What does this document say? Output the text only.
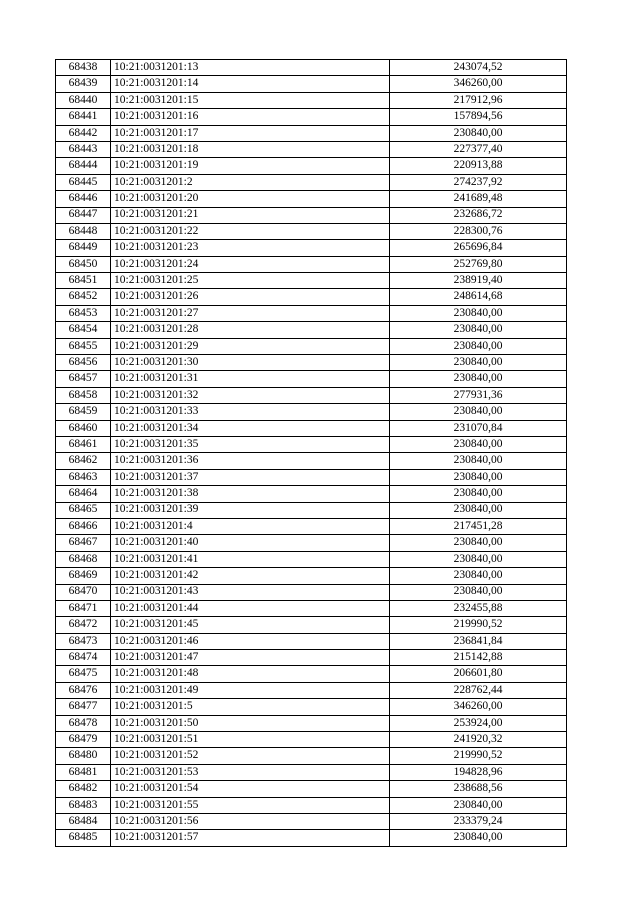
68438	10:21:0031201:13	243074,52
68439	10:21:0031201:14	346260,00
68440	10:21:0031201:15	217912,96
68441	10:21:0031201:16	157894,56
68442	10:21:0031201:17	230840,00
68443	10:21:0031201:18	227377,40
68444	10:21:0031201:19	220913,88
68445	10:21:0031201:2	274237,92
68446	10:21:0031201:20	241689,48
68447	10:21:0031201:21	232686,72
68448	10:21:0031201:22	228300,76
68449	10:21:0031201:23	265696,84
68450	10:21:0031201:24	252769,80
68451	10:21:0031201:25	238919,40
68452	10:21:0031201:26	248614,68
68453	10:21:0031201:27	230840,00
68454	10:21:0031201:28	230840,00
68455	10:21:0031201:29	230840,00
68456	10:21:0031201:30	230840,00
68457	10:21:0031201:31	230840,00
68458	10:21:0031201:32	277931,36
68459	10:21:0031201:33	230840,00
68460	10:21:0031201:34	231070,84
68461	10:21:0031201:35	230840,00
68462	10:21:0031201:36	230840,00
68463	10:21:0031201:37	230840,00
68464	10:21:0031201:38	230840,00
68465	10:21:0031201:39	230840,00
68466	10:21:0031201:4	217451,28
68467	10:21:0031201:40	230840,00
68468	10:21:0031201:41	230840,00
68469	10:21:0031201:42	230840,00
68470	10:21:0031201:43	230840,00
68471	10:21:0031201:44	232455,88
68472	10:21:0031201:45	219990,52
68473	10:21:0031201:46	236841,84
68474	10:21:0031201:47	215142,88
68475	10:21:0031201:48	206601,80
68476	10:21:0031201:49	228762,44
68477	10:21:0031201:5	346260,00
68478	10:21:0031201:50	253924,00
68479	10:21:0031201:51	241920,32
68480	10:21:0031201:52	219990,52
68481	10:21:0031201:53	194828,96
68482	10:21:0031201:54	238688,56
68483	10:21:0031201:55	230840,00
68484	10:21:0031201:56	233379,24
68485	10:21:0031201:57	230840,00
